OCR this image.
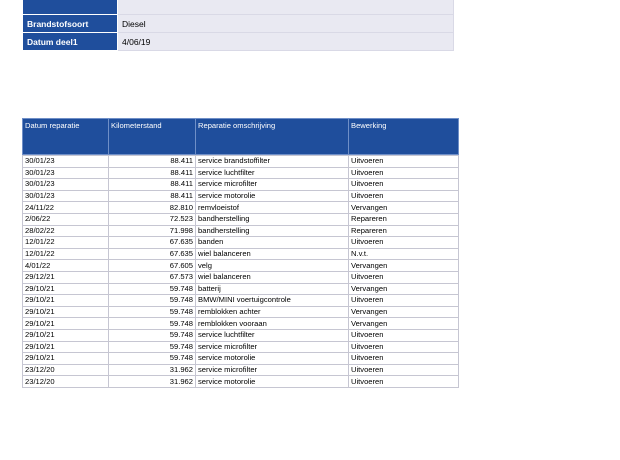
Brandstofsoort	Diesel
Datum deel1	4/06/19
Datum reparatie	Kilometerstand	Reparatie omschrijving	Bewerking

30/01/23	88.411	service brandstoffilter	Uitvoeren
30/01/23	88.411	service luchtfilter	Uitvoeren
30/01/23	88.411	service microfilter	Uitvoeren
30/01/23	88.411	service motorolie	Uitvoeren
24/11/22	82.810	remvloeistof	Vervangen
2/06/22	72.523	bandherstelling	Repareren
28/02/22	71.998	bandherstelling	Repareren
12/01/22	67.635	banden	Uitvoeren
12/01/22	67.635	wiel balanceren	N.v.t.
4/01/22	67.605	velg	Vervangen
29/12/21	67.573	wiel balanceren	Uitvoeren
29/10/21	59.748	batterij	Vervangen
29/10/21	59.748	BMW/MINI voertuigcontrole	Uitvoeren
29/10/21	59.748	remblokken achter	Vervangen
29/10/21	59.748	remblokken vooraan	Vervangen
29/10/21	59.748	service luchtfilter	Uitvoeren
29/10/21	59.748	service microfilter	Uitvoeren
29/10/21	59.748	service motorolie	Uitvoeren
23/12/20	31.962	service microfilter	Uitvoeren
23/12/20	31.962	service motorolie	Uitvoeren
